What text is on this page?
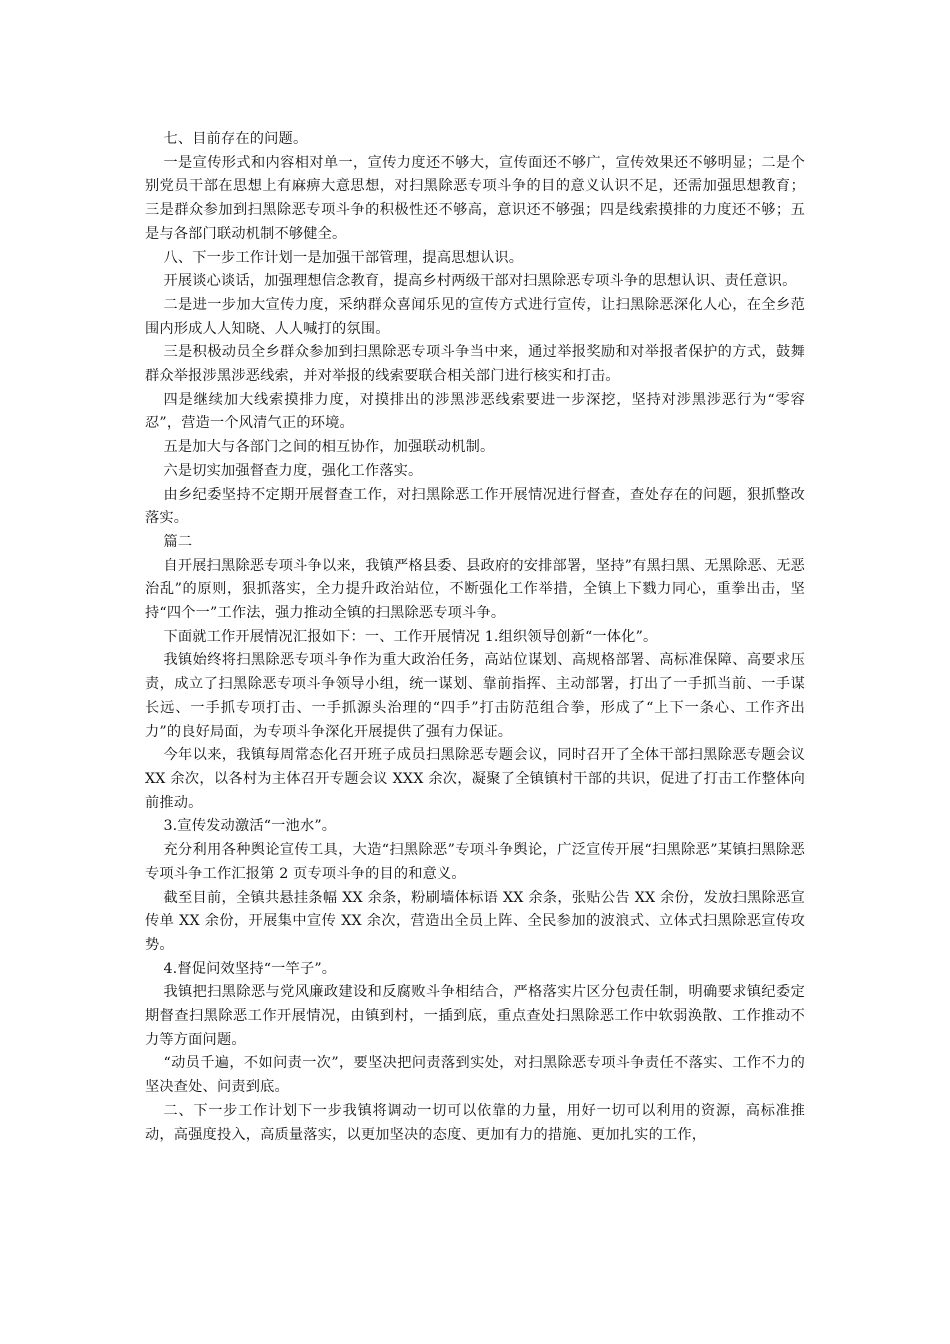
七、目前存在的问题。

一是宣传形式和内容相对单一，宣传力度还不够大，宣传面还不够广，宣传效果还不够明显；二是个别党员干部在思想上有麻痹大意思想，对扫黑除恶专项斗争的目的意义认识不足，还需加强思想教育；三是群众参加到扫黑除恶专项斗争的积极性还不够高，意识还不够强；四是线索摸排的力度还不够；五是与各部门联动机制不够健全。

八、下一步工作计划一是加强干部管理，提高思想认识。

开展谈心谈话，加强理想信念教育，提高乡村两级干部对扫黑除恶专项斗争的思想认识、责任意识。

二是进一步加大宣传力度，采纳群众喜闻乐见的宣传方式进行宣传，让扫黑除恶深化人心，在全乡范围内形成人人知晓、人人喊打的氛围。

三是积极动员全乡群众参加到扫黑除恶专项斗争当中来，通过举报奖励和对举报者保护的方式，鼓舞群众举报涉黑涉恶线索，并对举报的线索要联合相关部门进行核实和打击。

四是继续加大线索摸排力度，对摸排出的涉黑涉恶线索要进一步深挖，坚持对涉黑涉恶行为“零容忍”，营造一个风清气正的环境。

五是加大与各部门之间的相互协作，加强联动机制。

六是切实加强督查力度，强化工作落实。

由乡纪委坚持不定期开展督查工作，对扫黑除恶工作开展情况进行督查，查处存在的问题，狠抓整改落实。

篇二

自开展扫黑除恶专项斗争以来，我镇严格县委、县政府的安排部署，坚持”有黑扫黑、无黑除恶、无恶治乱”的原则，狠抓落实，全力提升政治站位，不断强化工作举措，全镇上下戮力同心，重拳出击，坚持“四个一”工作法，强力推动全镇的扫黑除恶专项斗争。

下面就工作开展情况汇报如下：一、工作开展情况 1.组织领导创新“一体化”。

我镇始终将扫黑除恶专项斗争作为重大政治任务，高站位谋划、高规格部署、高标准保障、高要求压责，成立了扫黑除恶专项斗争领导小组，统一谋划、靠前指挥、主动部署，打出了一手抓当前、一手谋长远、一手抓专项打击、一手抓源头治理的“四手”打击防范组合拳，形成了“上下一条心、工作齐出力”的良好局面，为专项斗争深化开展提供了强有力保证。

今年以来，我镇每周常态化召开班子成员扫黑除恶专题会议，同时召开了全体干部扫黑除恶专题会议 XX 余次，以各村为主体召开专题会议 XXX 余次，凝聚了全镇镇村干部的共识，促进了打击工作整体向前推动。

3.宣传发动激活“一池水”。

充分利用各种舆论宣传工具，大造“扫黑除恶”专项斗争舆论，广泛宣传开展“扫黑除恶”某镇扫黑除恶专项斗争工作汇报第 2 页专项斗争的目的和意义。

截至目前，全镇共悬挂条幅 XX 余条，粉刷墙体标语 XX 余条，张贴公告 XX 余份，发放扫黑除恶宣传单 XX 余份，开展集中宣传 XX 余次，营造出全员上阵、全民参加的波浪式、立体式扫黑除恶宣传攻势。

4.督促问效坚持“一竿子”。

我镇把扫黑除恶与党风廉政建设和反腐败斗争相结合，严格落实片区分包责任制，明确要求镇纪委定期督查扫黑除恶工作开展情况，由镇到村，一插到底，重点查处扫黑除恶工作中软弱涣散、工作推动不力等方面问题。

“动员千遍，不如问责一次”，要坚决把问责落到实处，对扫黑除恶专项斗争责任不落实、工作不力的坚决查处、问责到底。

二、下一步工作计划下一步我镇将调动一切可以依靠的力量，用好一切可以利用的资源，高标准推动，高强度投入，高质量落实，以更加坚决的态度、更加有力的措施、更加扎实的工作，
